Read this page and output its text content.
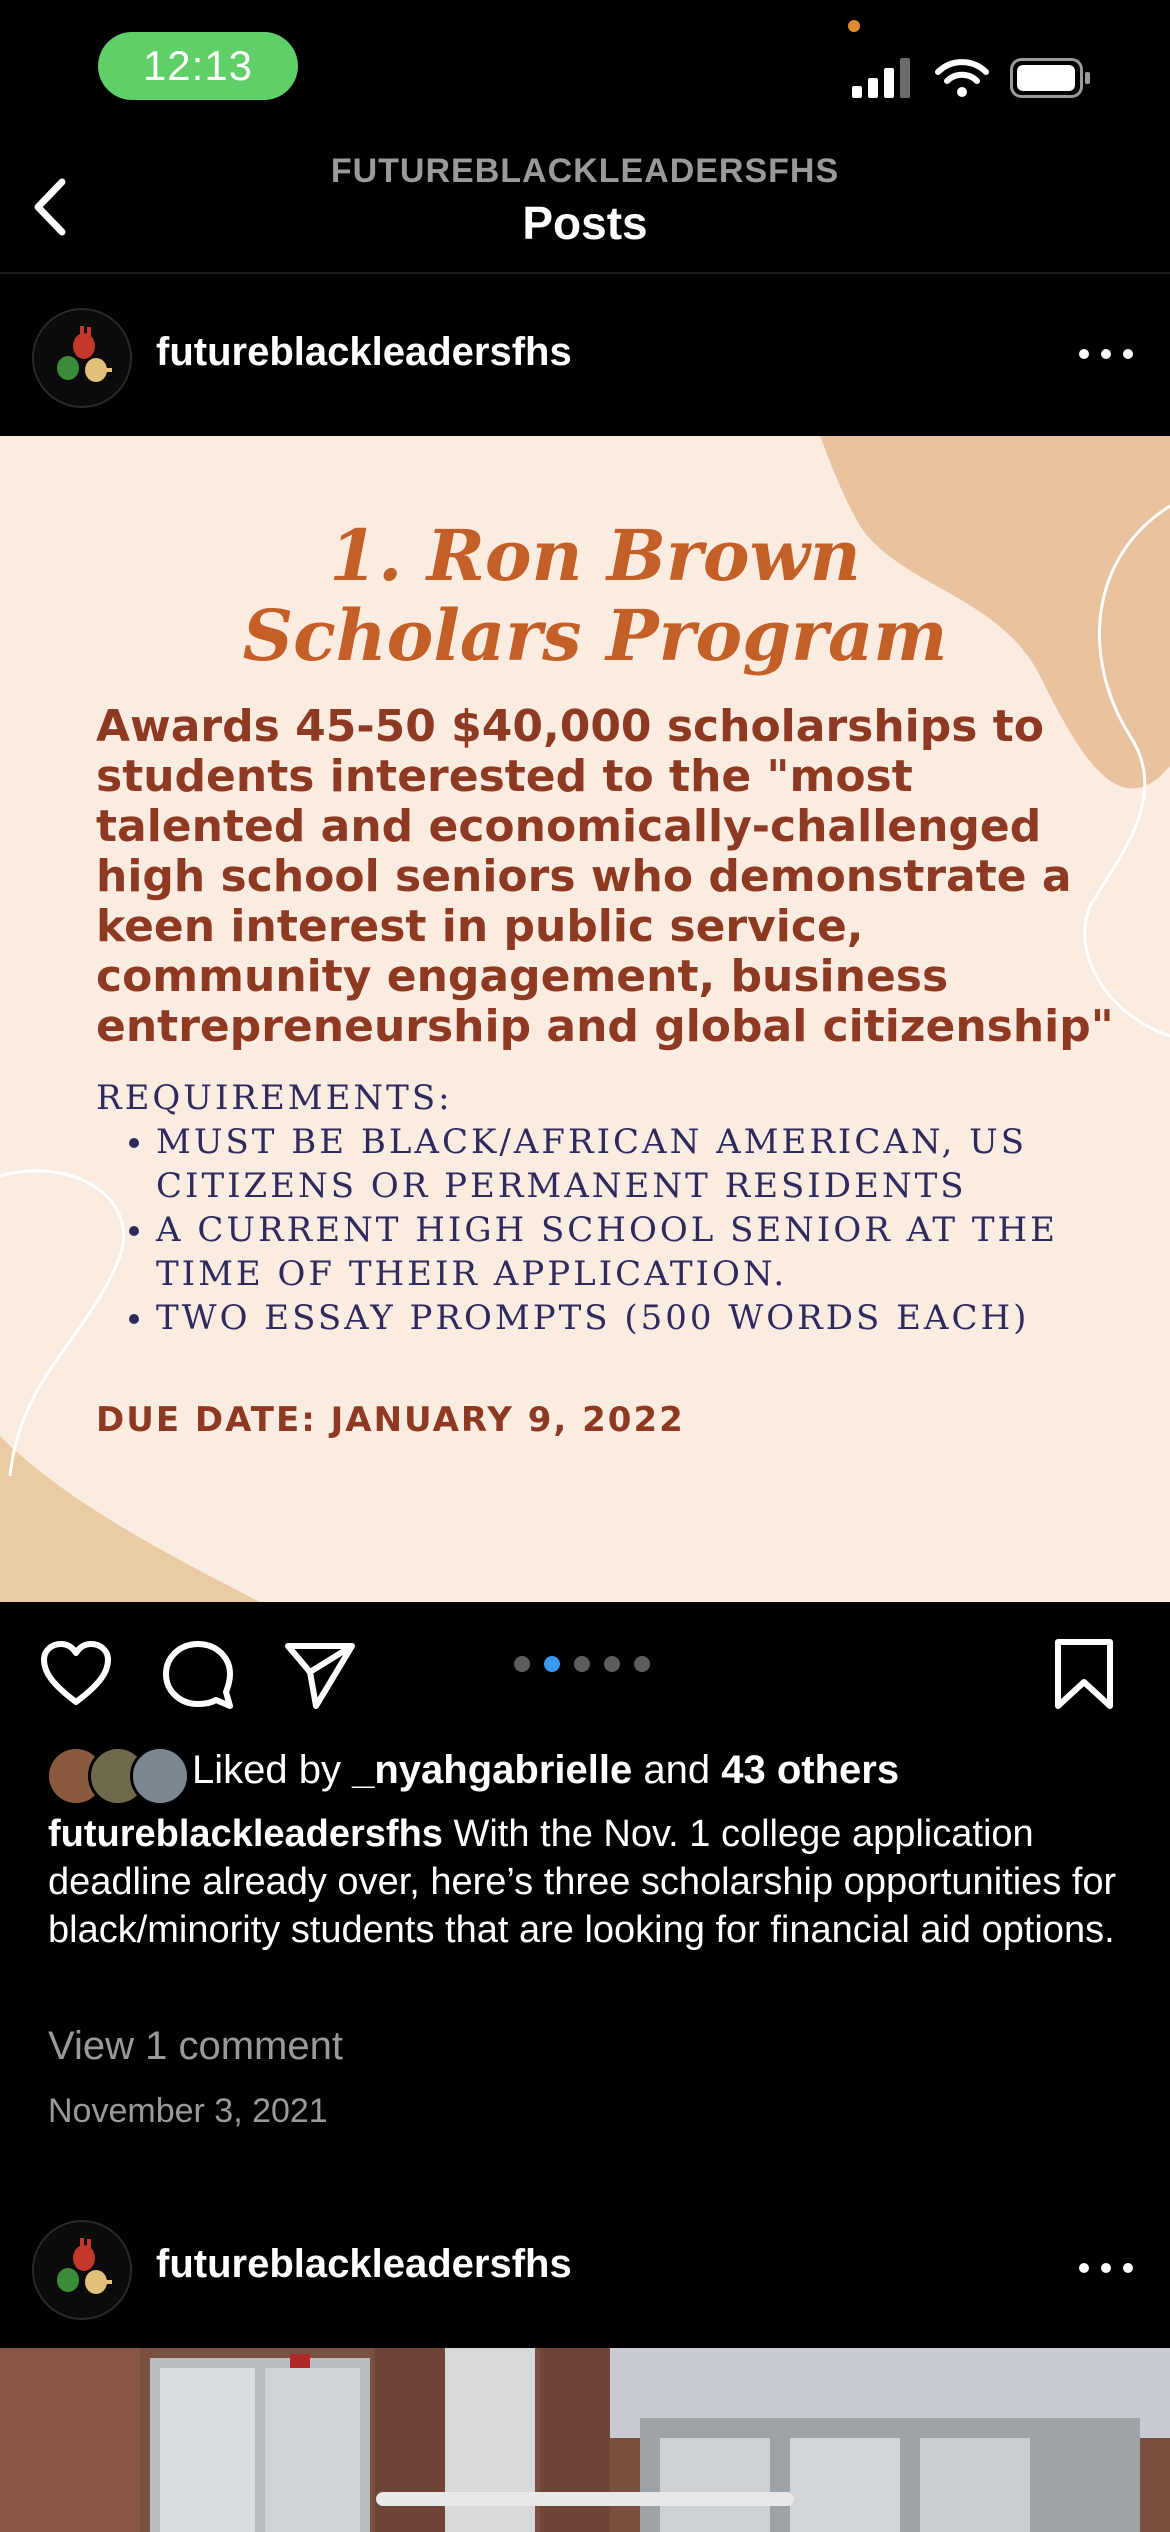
12:13
FUTUREBLACKLEADERSFHS
Posts
futureblackleadersfhs
1. Ron Brown
Scholars Program
Awards 45-50 $40,000 scholarships to students interested to the "most talented and economically-challenged high school seniors who demonstrate a keen interest in public service, community engagement, business entrepreneurship and global citizenship"
REQUIREMENTS:
• MUST BE BLACK/AFRICAN AMERICAN, US CITIZENS OR PERMANENT RESIDENTS
• A CURRENT HIGH SCHOOL SENIOR AT THE TIME OF THEIR APPLICATION.
• TWO ESSAY PROMPTS (500 WORDS EACH)
DUE DATE: JANUARY 9, 2022
Liked by _nyahgabrielle and 43 others
futureblackleadersfhs With the Nov. 1 college application deadline already over, here’s three scholarship opportunities for black/minority students that are looking for financial aid options.
View 1 comment
November 3, 2021
futureblackleadersfhs
